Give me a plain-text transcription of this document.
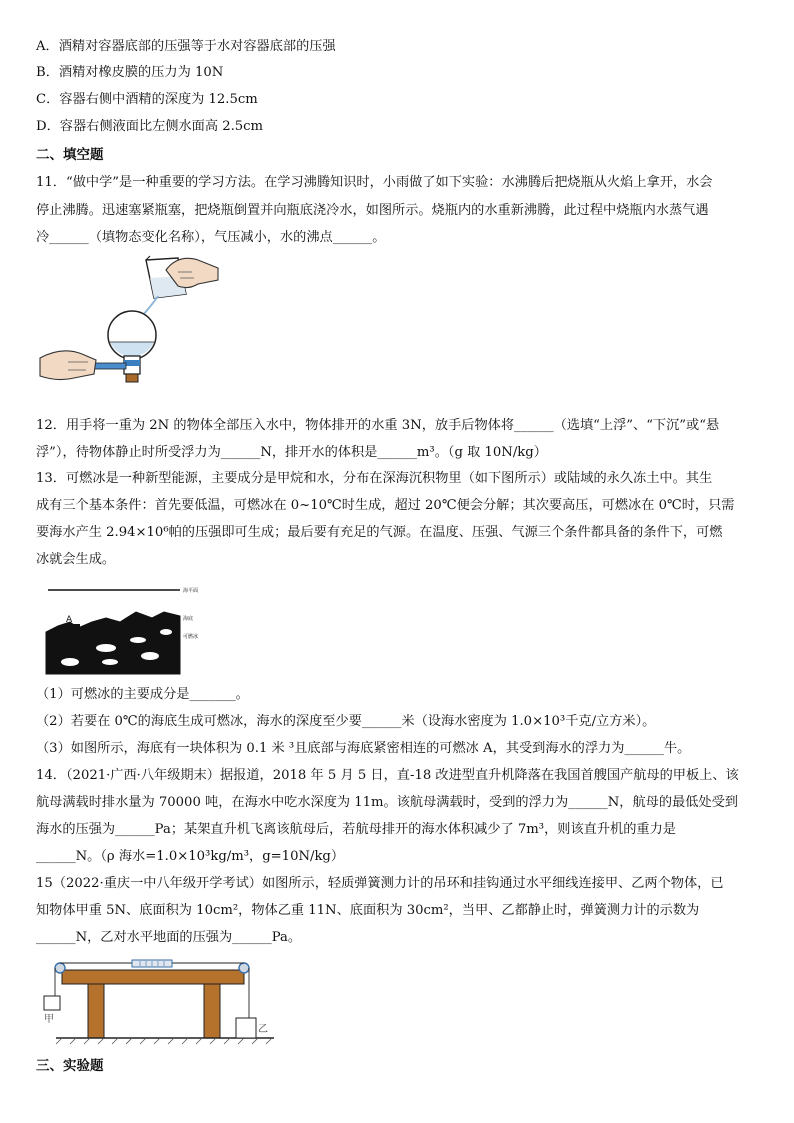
A．酒精对容器底部的压强等于水对容器底部的压强
B．酒精对橡皮膜的压力为 10N
C．容器右侧中酒精的深度为 12.5cm
D．容器右侧液面比左侧水面高 2.5cm
二、填空题
11．“做中学”是一种重要的学习方法。在学习沸腾知识时，小雨做了如下实验：水沸腾后把烧瓶从火焰上拿开，水会
停止沸腾。迅速塞紧瓶塞，把烧瓶倒置并向瓶底浇冷水，如图所示。烧瓶内的水重新沸腾，此过程中烧瓶内水蒸气遇
冷______（填物态变化名称），气压减小，水的沸点______。
12．用手将一重为 2N 的物体全部压入水中，物体排开的水重 3N，放手后物体将______（选填“上浮”、“下沉”或“悬
浮”），待物体静止时所受浮力为______N，排开水的体积是______m³。（g 取 10N/kg）
13．可燃冰是一种新型能源，主要成分是甲烷和水，分布在深海沉积物里（如下图所示）或陆域的永久冻土中。其生
成有三个基本条件：首先要低温，可燃冰在 0~10℃时生成，超过 20℃便会分解；其次要高压，可燃冰在 0℃时，只需
要海水产生 2.94×10⁶帕的压强即可生成；最后要有充足的气源。在温度、压强、气源三个条件都具备的条件下，可燃
冰就会生成。
海平面
A	海底
可燃冰
（1）可燃冰的主要成分是_______。
（2）若要在 0℃的海底生成可燃冰，海水的深度至少要______米（设海水密度为 1.0×10³千克/立方米）。
（3）如图所示，海底有一块体积为 0.1 米 ³且底部与海底紧密相连的可燃冰 A，其受到海水的浮力为______牛。
14．（2021·广西·八年级期末）据报道，2018 年 5 月 5 日，直-18 改进型直升机降落在我国首艘国产航母的甲板上、该
航母满载时排水量为 70000 吨，在海水中吃水深度为 11m。该航母满载时，受到的浮力为______N，航母的最低处受到
海水的压强为______Pa；某架直升机飞离该航母后，若航母排开的海水体积减少了 7m³，则该直升机的重力是
______N。（ρ 海水=1.0×10³kg/m³，g=10N/kg）
15（2022·重庆一中八年级开学考试）如图所示，轻质弹簧测力计的吊环和挂钩通过水平细线连接甲、乙两个物体，已
知物体甲重 5N、底面积为 10cm²，物体乙重 11N、底面积为 30cm²，当甲、乙都静止时，弹簧测力计的示数为
______N，乙对水平地面的压强为______Pa。
甲
乙
三、实验题
